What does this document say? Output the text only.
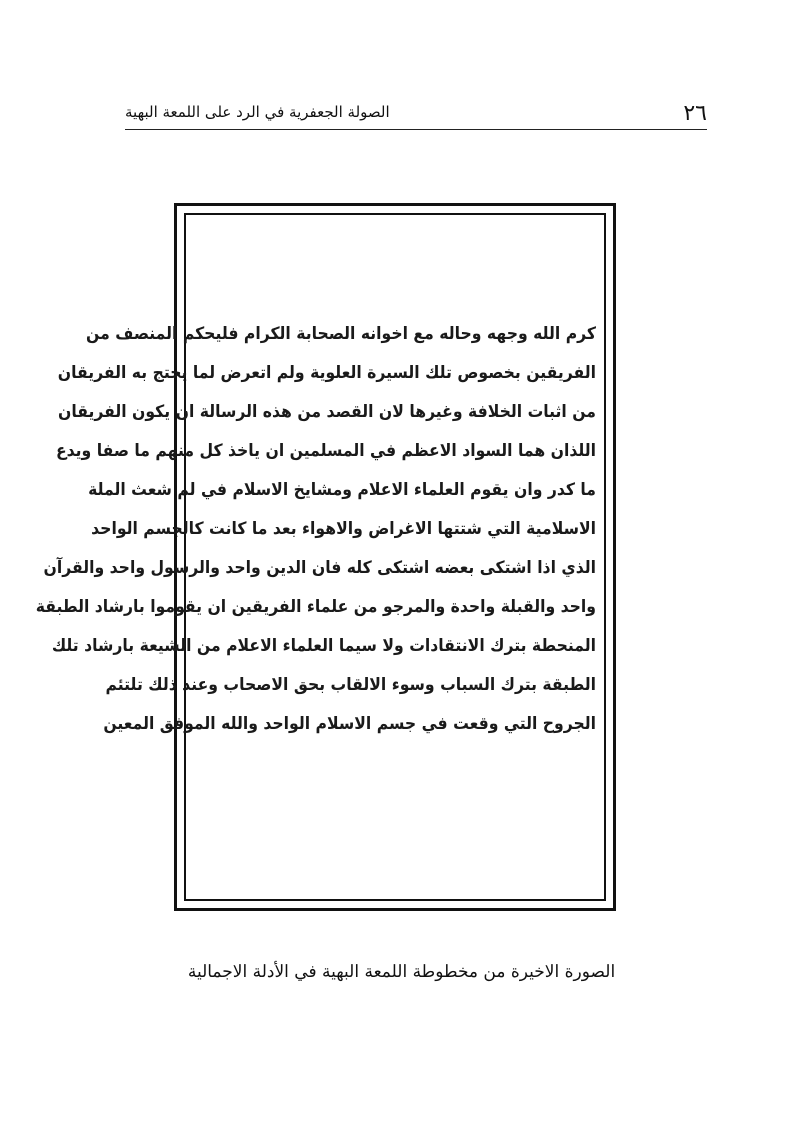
٢٦
الصولة الجعفرية في الرد على اللمعة البهية
كرم الله وجهه وحاله مع اخوانه الصحابة الكرام فليحكم المنصف من
الفريقين بخصوص تلك السيرة العلوية ولم اتعرض لما يحتج به الفريقان
من اثبات الخلافة وغيرها لان القصد من هذه الرسالة ان يكون الفريقان
اللذان هما السواد الاعظم في المسلمين ان ياخذ كل منهم ما صفا ويدع
ما كدر وان يقوم العلماء الاعلام ومشايخ الاسلام في لم شعث الملة
الاسلامية التي شتتها الاغراض والاهواء بعد ما كانت كالجسم الواحد
الذي اذا اشتكى بعضه اشتكى كله فان الدين واحد والرسول واحد والقرآن
واحد والقبلة واحدة والمرجو من علماء الفريقين ان يقوموا بارشاد الطبقة
المنحطة بترك الانتقادات ولا سيما العلماء الاعلام من الشيعة بارشاد تلك
الطبقة بترك السباب وسوء الالقاب بحق الاصحاب وعند ذلك تلتئم
الجروح التي وقعت في جسم الاسلام الواحد والله الموفق المعين
الصورة الاخيرة من مخطوطة اللمعة البهية في الأدلة الاجمالية
